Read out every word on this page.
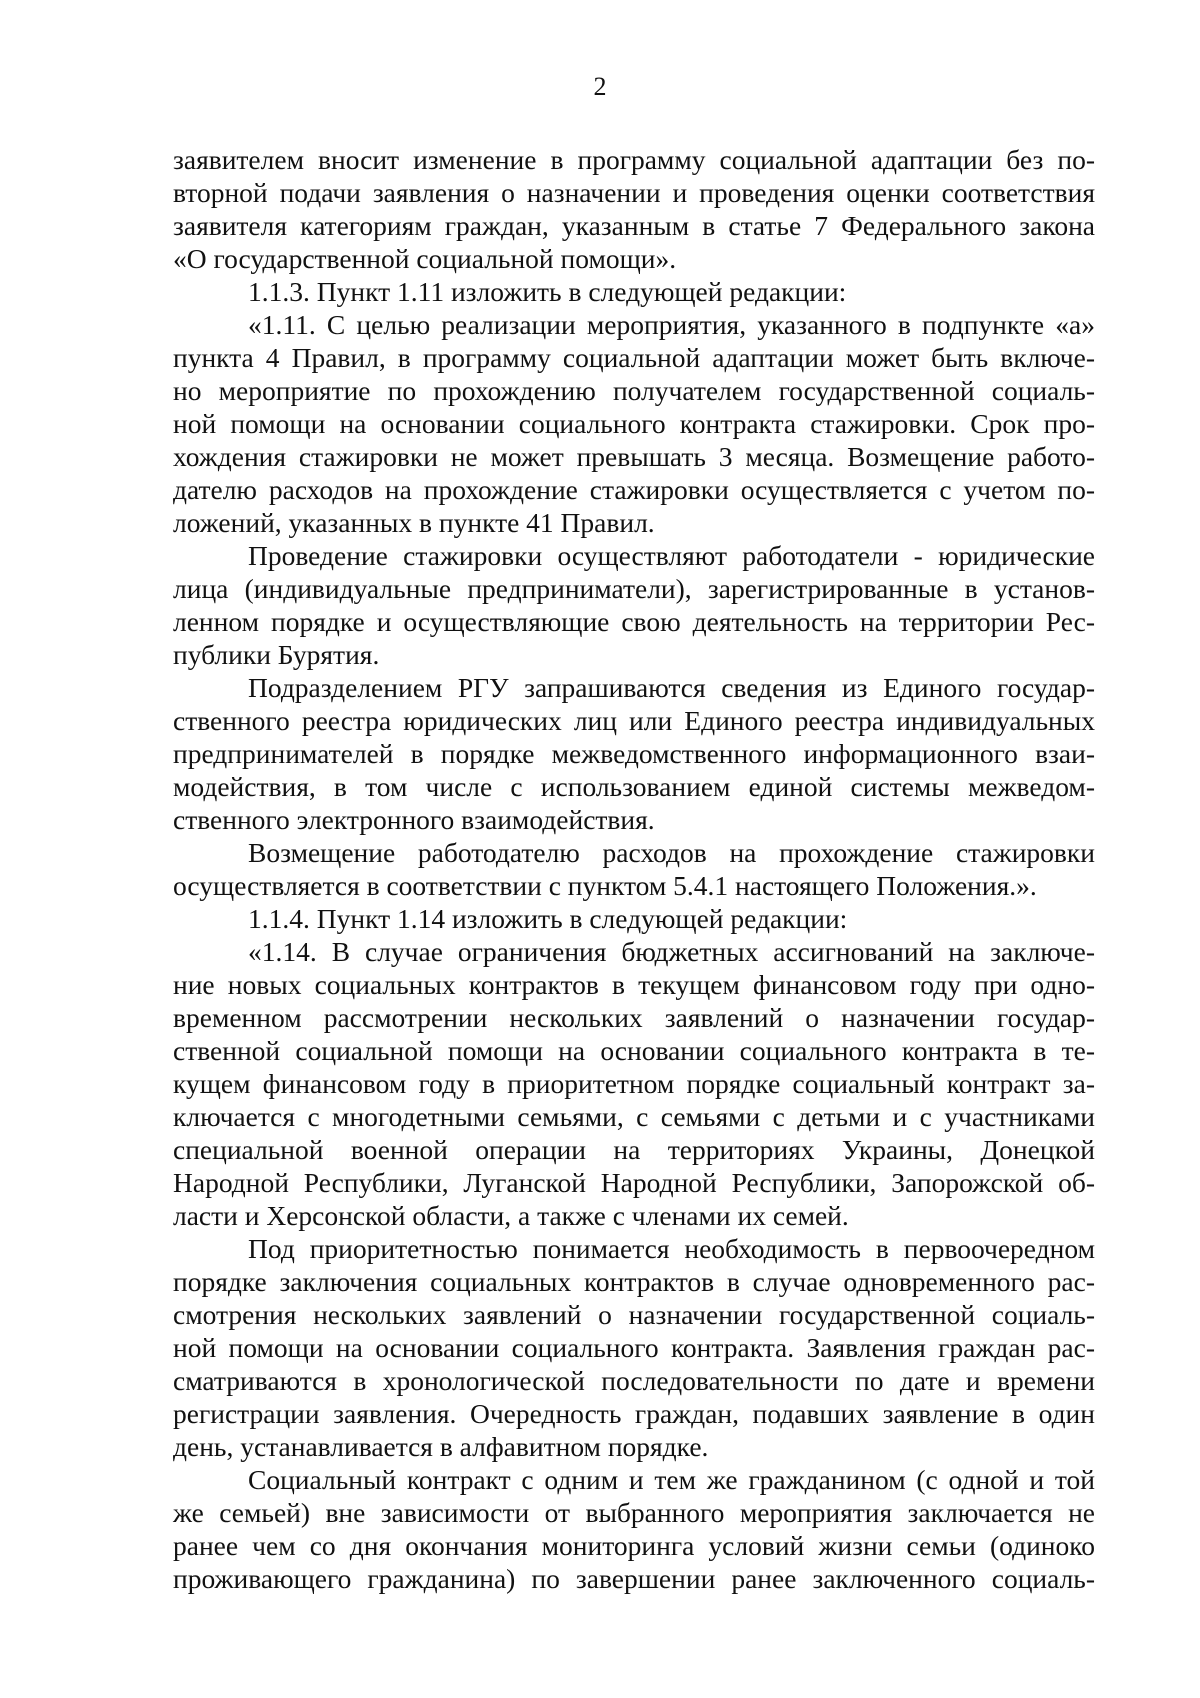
2
заявителем вносит изменение в программу социальной адаптации без по-
вторной подачи заявления о назначении и проведения оценки соответствия
заявителя категориям граждан, указанным в статье 7 Федерального закона
«О государственной социальной помощи».
1.1.3. Пункт 1.11 изложить в следующей редакции:
«1.11. С целью реализации мероприятия, указанного в подпункте «а»
пункта 4 Правил, в программу социальной адаптации может быть включе-
но мероприятие по прохождению получателем государственной социаль-
ной помощи на основании социального контракта стажировки. Срок про-
хождения стажировки не может превышать 3 месяца. Возмещение работо-
дателю расходов на прохождение стажировки осуществляется с учетом по-
ложений, указанных в пункте 41 Правил.
Проведение стажировки осуществляют работодатели - юридические
лица (индивидуальные предприниматели), зарегистрированные в установ-
ленном порядке и осуществляющие свою деятельность на территории Рес-
публики Бурятия.
Подразделением РГУ запрашиваются сведения из Единого государ-
ственного реестра юридических лиц или Единого реестра индивидуальных
предпринимателей в порядке межведомственного информационного взаи-
модействия, в том числе с использованием единой системы межведом-
ственного электронного взаимодействия.
Возмещение работодателю расходов на прохождение стажировки
осуществляется в соответствии с пунктом 5.4.1 настоящего Положения.».
1.1.4. Пункт 1.14 изложить в следующей редакции:
«1.14. В случае ограничения бюджетных ассигнований на заключе-
ние новых социальных контрактов в текущем финансовом году при одно-
временном рассмотрении нескольких заявлений о назначении государ-
ственной социальной помощи на основании социального контракта в те-
кущем финансовом году в приоритетном порядке социальный контракт за-
ключается с многодетными семьями, с семьями с детьми и с участниками
специальной военной операции на территориях Украины, Донецкой
Народной Республики, Луганской Народной Республики, Запорожской об-
ласти и Херсонской области, а также с членами их семей.
Под приоритетностью понимается необходимость в первоочередном
порядке заключения социальных контрактов в случае одновременного рас-
смотрения нескольких заявлений о назначении государственной социаль-
ной помощи на основании социального контракта. Заявления граждан рас-
сматриваются в хронологической последовательности по дате и времени
регистрации заявления. Очередность граждан, подавших заявление в один
день, устанавливается в алфавитном порядке.
Социальный контракт с одним и тем же гражданином (с одной и той
же семьей) вне зависимости от выбранного мероприятия заключается не
ранее чем со дня окончания мониторинга условий жизни семьи (одиноко
проживающего гражданина) по завершении ранее заключенного социаль-
